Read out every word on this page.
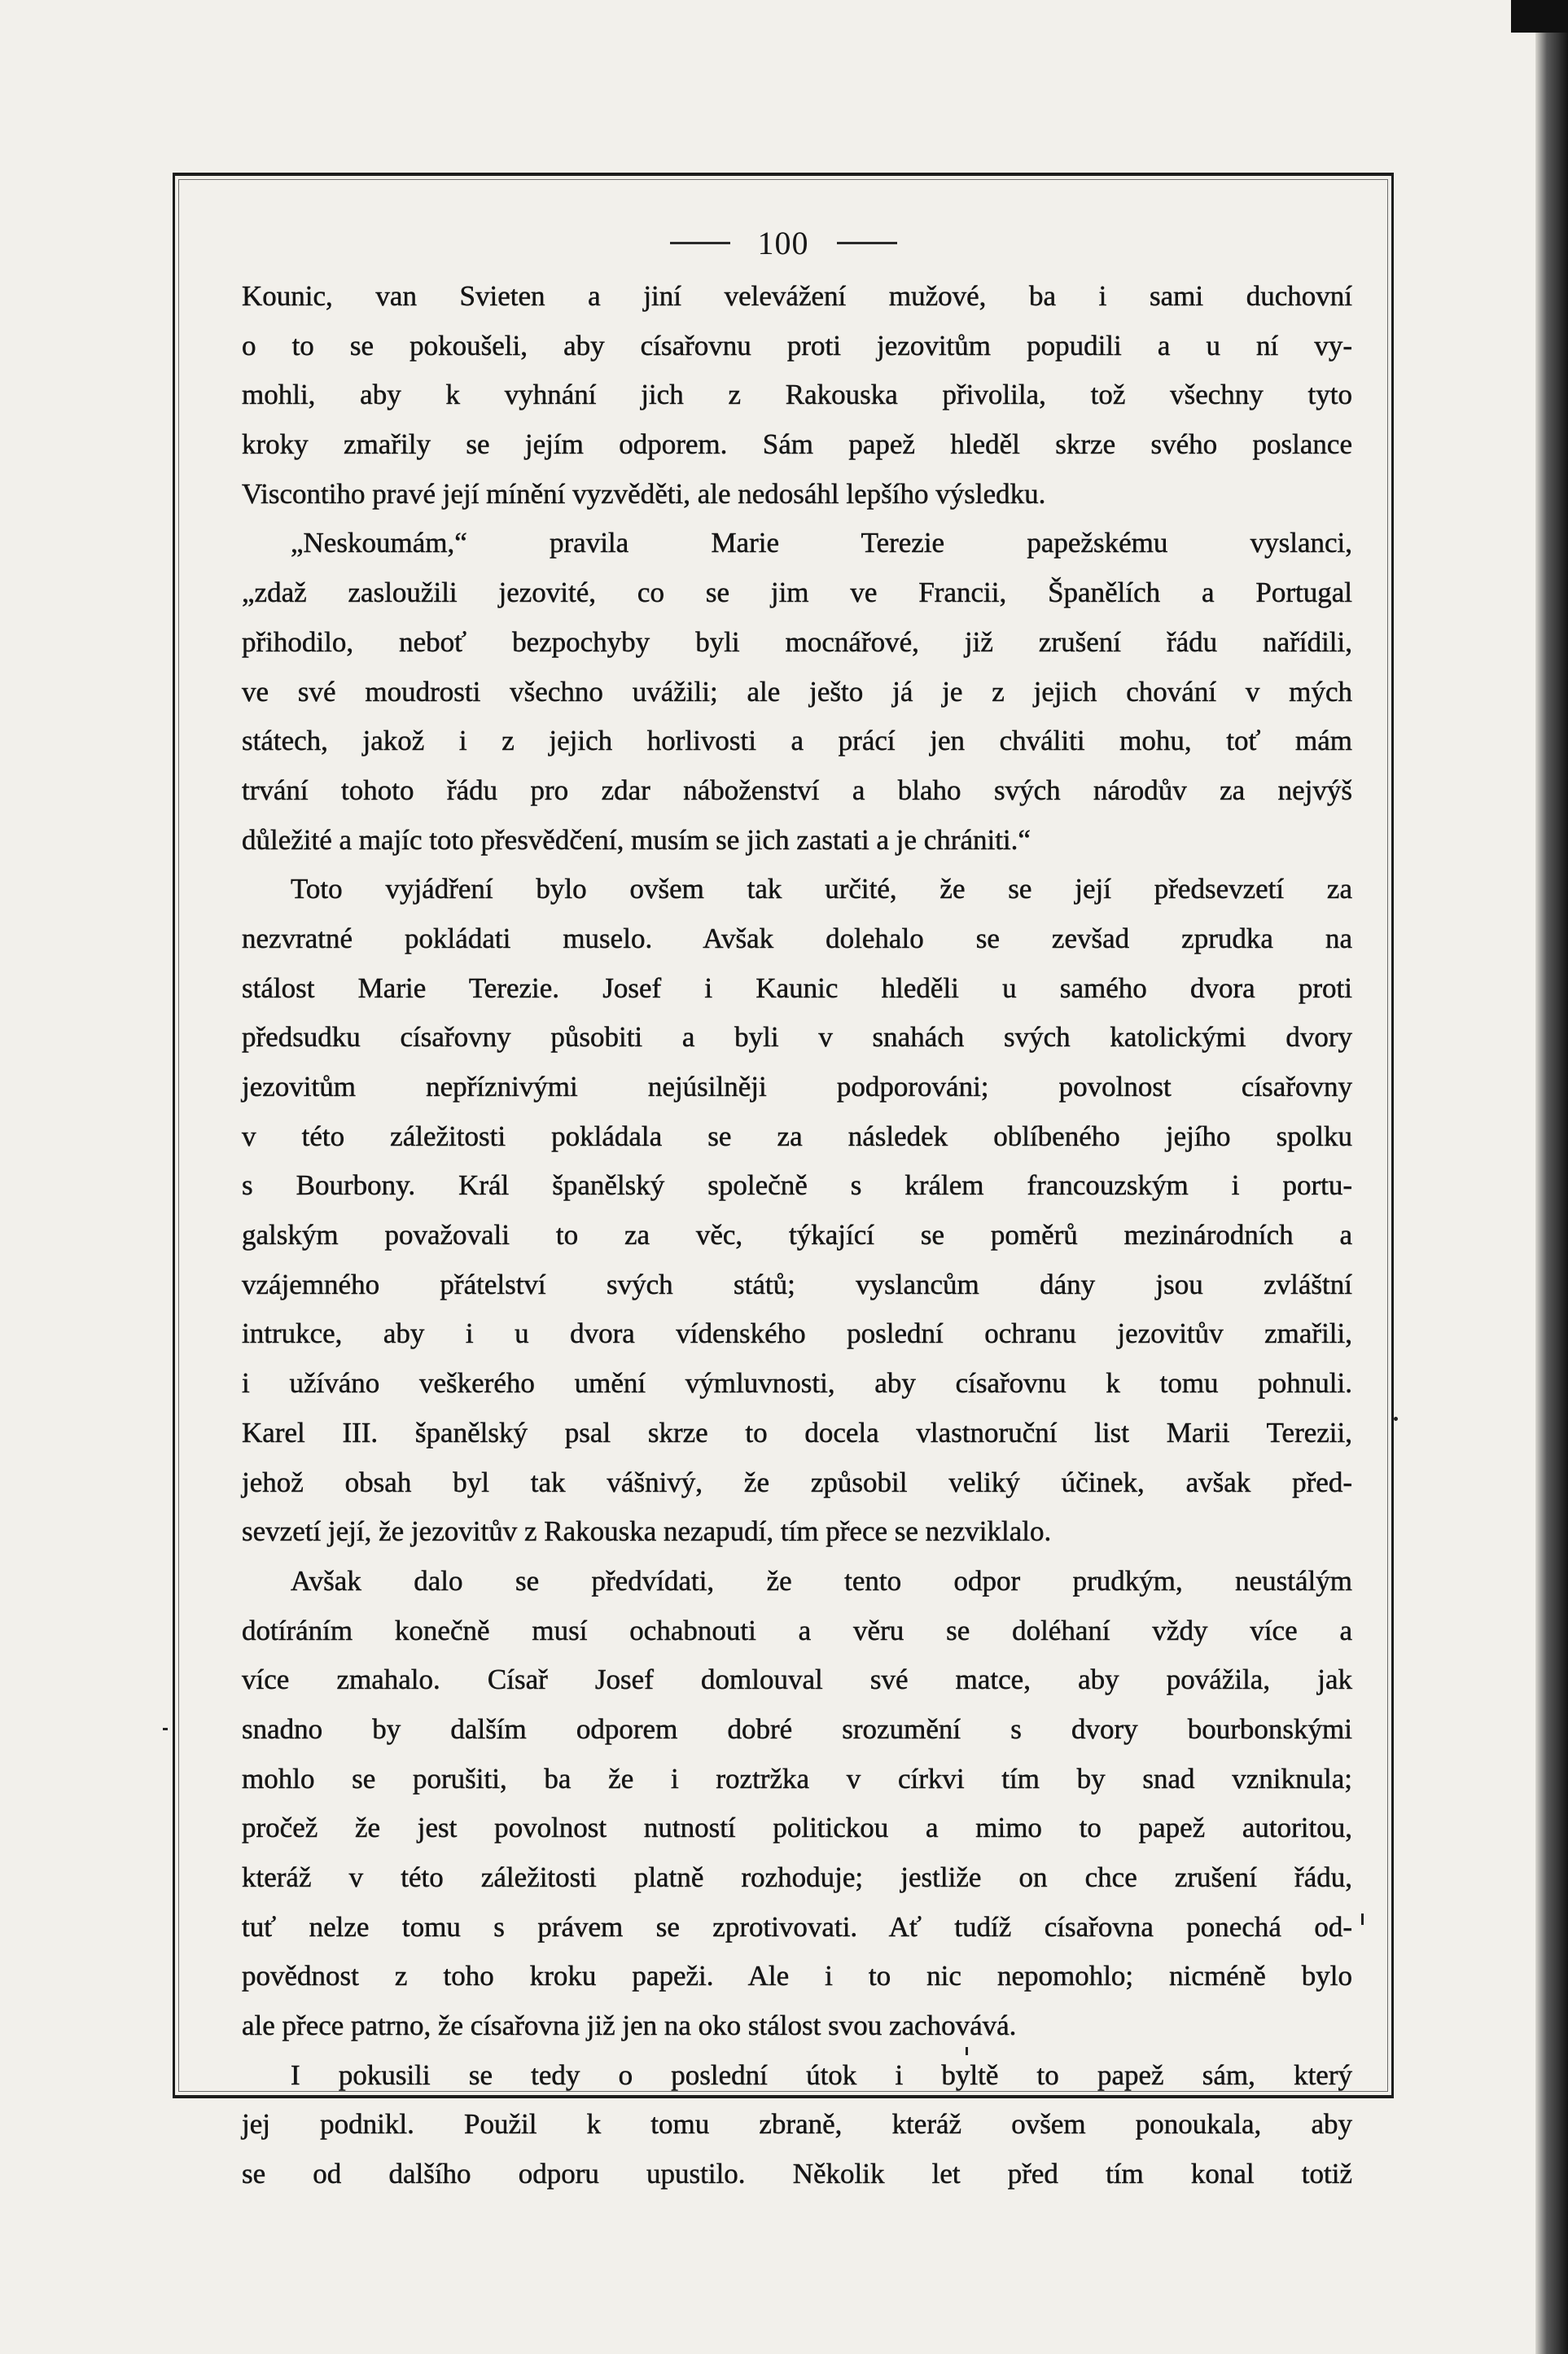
100
Kounic, van Svieten a jiní velevážení mužové, ba i sami duchovní
o to se pokoušeli, aby císařovnu proti jezovitům popudili a u ní vy-
mohli, aby k vyhnání jich z Rakouska přivolila, tož všechny tyto
kroky zmařily se jejím odporem. Sám papež hleděl skrze svého poslance
Viscontiho pravé její mínění vyzvěděti, ale nedosáhl lepšího výsledku.
„Neskoumám,“ pravila Marie Terezie papežskému vyslanci,
„zdaž zasloužili jezovité, co se jim ve Francii, Španělích a Portugal
přihodilo, neboť bezpochyby byli mocnářové, již zrušení řádu nařídili,
ve své moudrosti všechno uvážili; ale ještо já je z jejich chování v mých
státech, jakož i z jejich horlivosti a prácí jen chváliti mohu, toť mám
trvání tohoto řádu pro zdar náboženství a blaho svých národův za nejvýš
důležité a majíc toto přesvědčení, musím se jich zastati a je chrániti.“
Toto vyjádření bylo ovšem tak určité, že se její předsevzetí za
nezvratné pokládati muselo. Avšak dolehalo se zevšad zprudka na
stálost Marie Terezie. Josef i Kaunic hleděli u samého dvora proti
předsudku císařovny působiti a byli v snahách svých katolickými dvory
jezovitům nepříznivými nejúsilněji podporováni; povolnost císařovny
v této záležitosti pokládala se za následek oblíbeného jejího spolku
s Bourbony. Král španělský společně s králem francouzským i portu-
galským považovali to za věc, týkající se poměrů mezinárodních a
vzájemného přátelství svých států; vyslancům dány jsou zvláštní
intrukce, aby i u dvora vídenského poslední ochranu jezovitův zmařili,
i užíváno veškerého umění výmluvnosti, aby císařovnu k tomu pohnuli.
Karel III. španělský psal skrze to docela vlastnoruční list Marii Terezii,
jehož obsah byl tak vášnivý, že způsobil veliký účinek, avšak před-
sevzetí její, že jezovitův z Rakouska nezapudí, tím přece se nezviklalo.
Avšak dalo se předvídati, že tento odpor prudkým, neustálým
dotíráním konečně musí ochabnouti a věru se doléhaní vždy více a
více zmahalo. Císař Josef domlouval své matce, aby povážila, jak
snadno by dalším odporem dobré srozumění s dvory bourbonskými
mohlo se porušiti, ba že i roztržka v církvi tím by snad vzniknula;
pročež že jest povolnost nutností politickou a mimo to papež autoritou,
kteráž v této záležitosti platně rozhoduje; jestliže on chce zrušení řádu,
tuť nelze tomu s právem se zprotivovati. Ať tudíž císařovna ponechá od-
povědnost z toho kroku papeži. Ale i to nic nepomohlo; nicméně bylo
ale přece patrno, že císařovna již jen na oko stálost svou zachovává.
I pokusili se tedy o poslední útok i byltě to papež sám, který
jej podnikl. Použil k tomu zbraně, kteráž ovšem ponoukala, aby
se od dalšího odporu upustilo. Několik let před tím konal totiž
